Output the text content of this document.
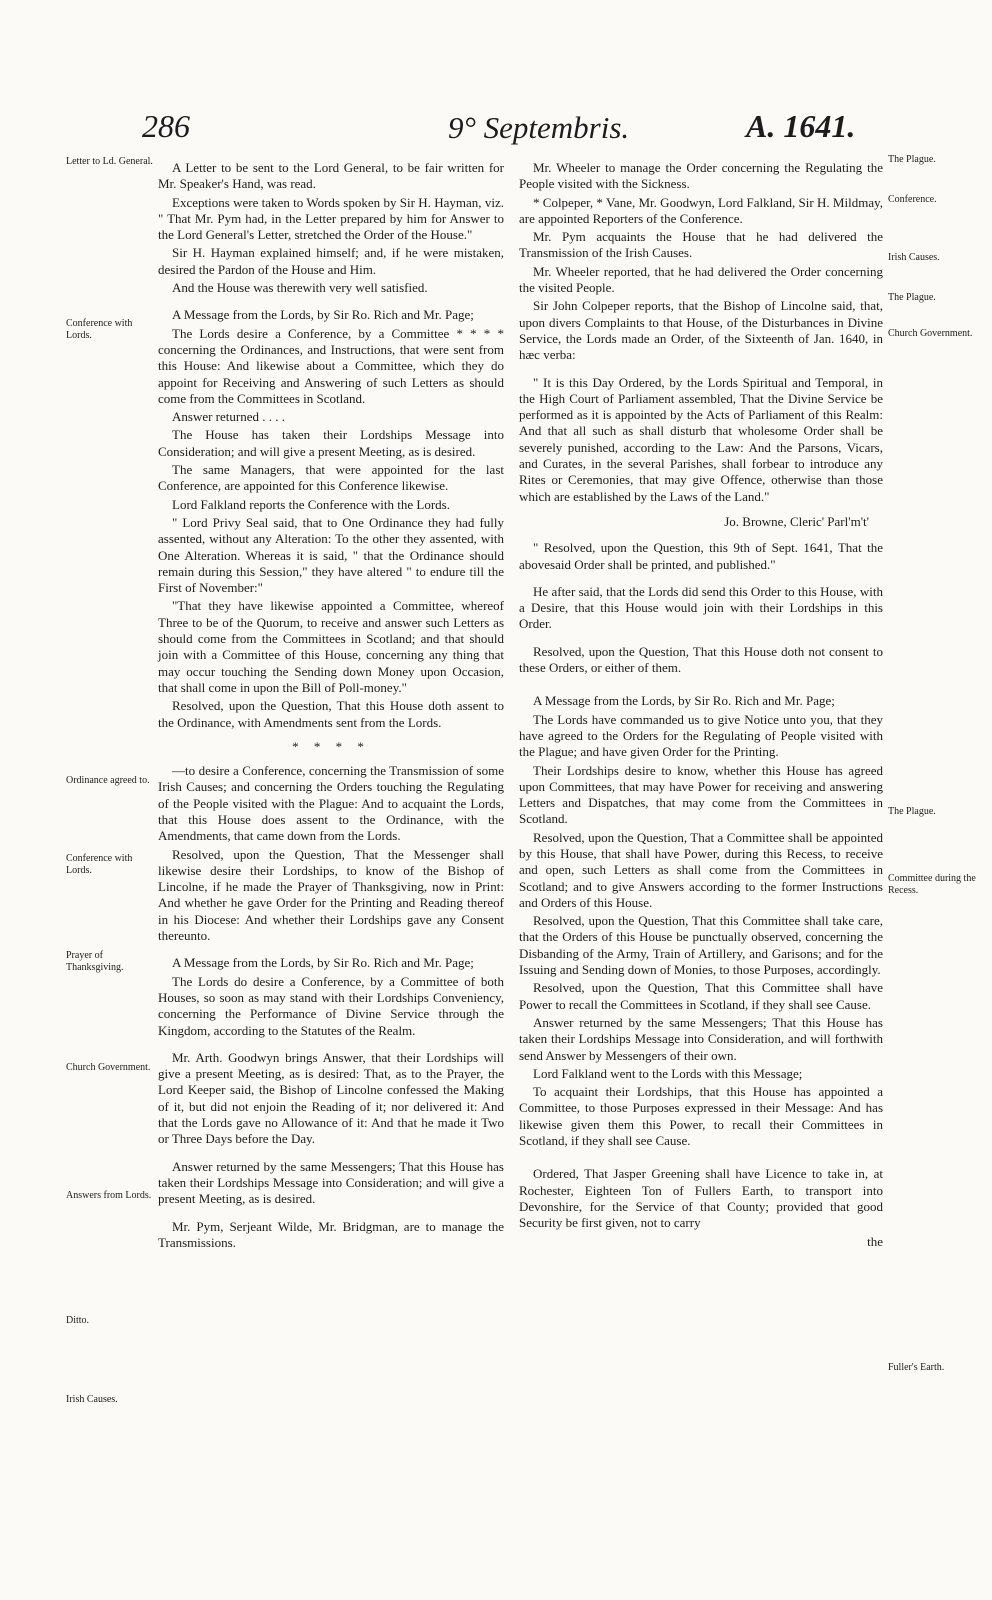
286	9° Septembris.	A. 1641.

A Letter to be sent to the Lord General, to be fair written for Mr. Speaker's Hand, was read.

Exceptions were taken to Words spoken by Sir H. Hayman, viz. " That Mr. Pym had, in the Letter prepared by him for Answer to the Lord General's Letter, stretched the Order of the House."

Sir H. Hayman explained himself; and, if he were mistaken, desired the Pardon of the House and Him.

And the House was therewith very well satisfied.

A Message from the Lords, by Sir Ro. Rich and Mr. Page;

The Lords desire a Conference, by a Committee * * * * concerning the Ordinances, and Instructions, that were sent from this House: And likewise about a Committee, which they do appoint for Receiving and Answering of such Letters as should come from the Committees in Scotland.

Answer returned . . . .

The House has taken their Lordships Message into Consideration; and will give a present Meeting, as is desired.

The same Managers, that were appointed for the last Conference, are appointed for this Conference likewise.

Lord Falkland reports the Conference with the Lords.

" Lord Privy Seal said, that to One Ordinance they had fully assented, without any Alteration: To the other they assented, with One Alteration. Whereas it is said, " that the Ordinance should remain during this Session," they have altered " to endure till the First of November:"

"That they have likewise appointed a Committee, whereof Three to be of the Quorum, to receive and answer such Letters as should come from the Committees in Scotland; and that should join with a Committee of this House, concerning any thing that may occur touching the Sending down Money upon Occasion, that shall come in upon the Bill of Poll-money."

Resolved, upon the Question, That this House doth assent to the Ordinance, with Amendments sent from the Lords.

* * * *

—to desire a Conference, concerning the Transmission of some Irish Causes; and concerning the Orders touching the Regulating of the People visited with the Plague: And to acquaint the Lords, that this House does assent to the Ordinance, with the Amendments, that came down from the Lords.

Resolved, upon the Question, That the Messenger shall likewise desire their Lordships, to know of the Bishop of Lincolne, if he made the Prayer of Thanksgiving, now in Print: And whether he gave Order for the Printing and Reading thereof in his Diocese: And whether their Lordships gave any Consent thereunto.

A Message from the Lords, by Sir Ro. Rich and Mr. Page;

The Lords do desire a Conference, by a Committee of both Houses, so soon as may stand with their Lordships Conveniency, concerning the Performance of Divine Service through the Kingdom, according to the Statutes of the Realm.

Mr. Arth. Goodwyn brings Answer, that their Lordships will give a present Meeting, as is desired: That, as to the Prayer, the Lord Keeper said, the Bishop of Lincolne confessed the Making of it, but did not enjoin the Reading of it; nor delivered it: And that the Lords gave no Allowance of it: And that he made it Two or Three Days before the Day.

Answer returned by the same Messengers; That this House has taken their Lordships Message into Consideration; and will give a present Meeting, as is desired.

Mr. Pym, Serjeant Wilde, Mr. Bridgman, are to manage the Transmissions.

Mr. Wheeler to manage the Order concerning the Regulating the People visited with the Sickness.

* Colpeper, * Vane, Mr. Goodwyn, Lord Falkland, Sir H. Mildmay, are appointed Reporters of the Conference.

Mr. Pym acquaints the House that he had delivered the Transmission of the Irish Causes.

Mr. Wheeler reported, that he had delivered the Order concerning the visited People.

Sir John Colpeper reports, that the Bishop of Lincolne said, that, upon divers Complaints to that House, of the Disturbances in Divine Service, the Lords made an Order, of the Sixteenth of Jan. 1640, in hæc verba:

" It is this Day Ordered, by the Lords Spiritual and Temporal, in the High Court of Parliament assembled, That the Divine Service be performed as it is appointed by the Acts of Parliament of this Realm: And that all such as shall disturb that wholesome Order shall be severely punished, according to the Law: And the Parsons, Vicars, and Curates, in the several Parishes, shall forbear to introduce any Rites or Ceremonies, that may give Offence, otherwise than those which are established by the Laws of the Land."

Jo. Browne, Cleric' Parl'm't'

" Resolved, upon the Question, this 9th of Sept. 1641, That the abovesaid Order shall be printed, and published."

He after said, that the Lords did send this Order to this House, with a Desire, that this House would join with their Lordships in this Order.

Resolved, upon the Question, That this House doth not consent to these Orders, or either of them.

A Message from the Lords, by Sir Ro. Rich and Mr. Page;

The Lords have commanded us to give Notice unto you, that they have agreed to the Orders for the Regulating of People visited with the Plague; and have given Order for the Printing.

Their Lordships desire to know, whether this House has agreed upon Committees, that may have Power for receiving and answering Letters and Dispatches, that may come from the Committees in Scotland.

Resolved, upon the Question, That a Committee shall be appointed by this House, that shall have Power, during this Recess, to receive and open, such Letters as shall come from the Committees in Scotland; and to give Answers according to the former Instructions and Orders of this House.

Resolved, upon the Question, That this Committee shall take care, that the Orders of this House be punctually observed, concerning the Disbanding of the Army, Train of Artillery, and Garisons; and for the Issuing and Sending down of Monies, to those Purposes, accordingly.

Resolved, upon the Question, That this Committee shall have Power to recall the Committees in Scotland, if they shall see Cause.

Answer returned by the same Messengers; That this House has taken their Lordships Message into Consideration, and will forthwith send Answer by Messengers of their own.

Lord Falkland went to the Lords with this Message;

To acquaint their Lordships, that this House has appointed a Committee, to those Purposes expressed in their Message: And has likewise given them this Power, to recall their Committees in Scotland, if they shall see Cause.

Ordered, That Jasper Greening shall have Licence to take in, at Rochester, Eighteen Ton of Fullers Earth, to transport into Devonshire, for the Service of that County; provided that good Security be first given, not to carry

the

Letter to Ld. General.
Conference with Lords.
Ordinance agreed to.
Conference with Lords.
Prayer of Thanksgiving.
Church Government.
Answers from Lords.
Ditto.
Irish Causes.
The Plague.
Conference.
Irish Causes.
The Plague.
Church Government.
The Plague.
Committee during the Recess.
Fuller's Earth.
